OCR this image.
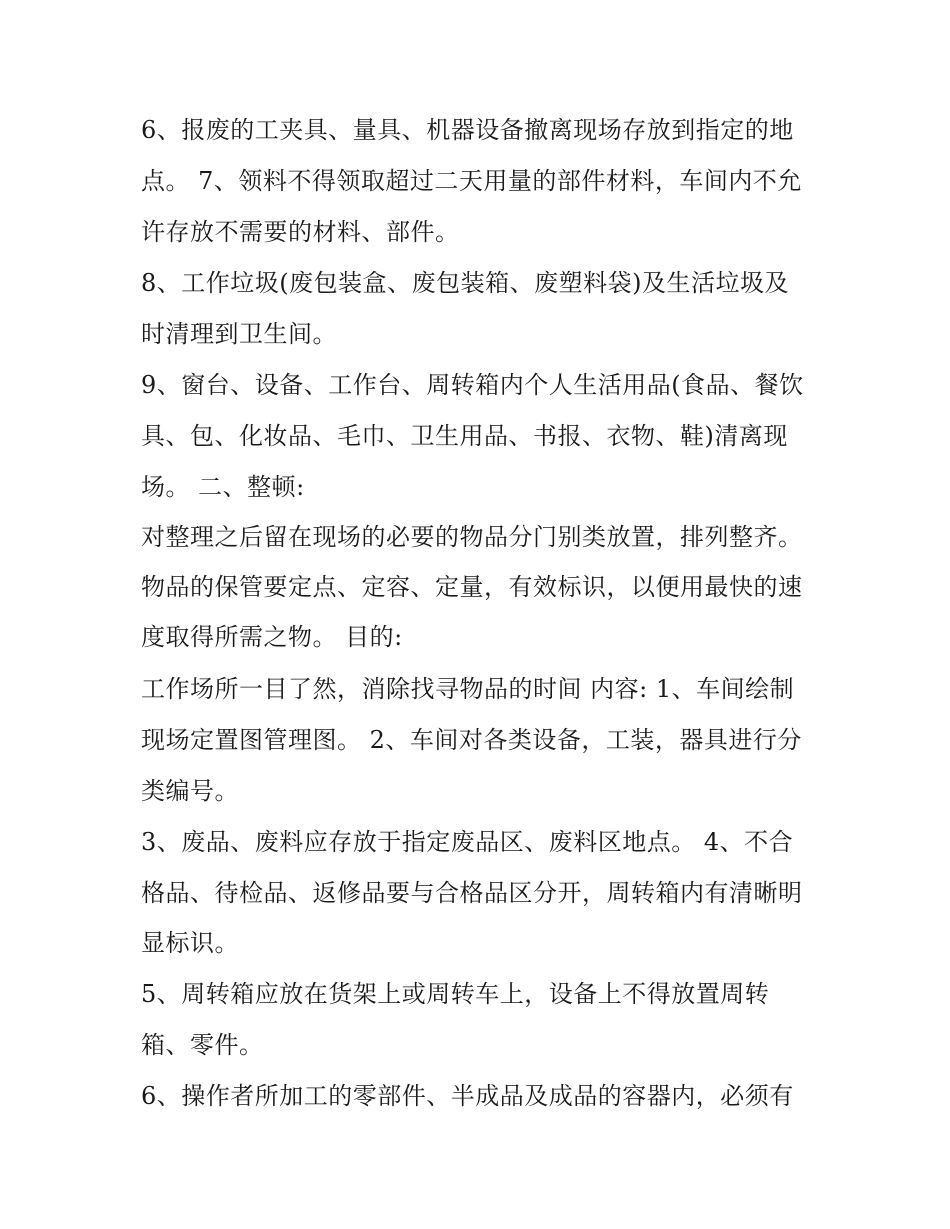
6、报废的工夹具、量具、机器设备撤离现场存放到指定的地
点。 7、领料不得领取超过二天用量的部件材料，车间内不允
许存放不需要的材料、部件。
8、工作垃圾(废包装盒、废包装箱、废塑料袋)及生活垃圾及
时清理到卫生间。
9、窗台、设备、工作台、周转箱内个人生活用品(食品、餐饮
具、包、化妆品、毛巾、卫生用品、书报、衣物、鞋)清离现
场。 二、整顿:
对整理之后留在现场的必要的物品分门别类放置，排列整齐。
物品的保管要定点、定容、定量，有效标识，以便用最快的速
度取得所需之物。 目的:
工作场所一目了然，消除找寻物品的时间 内容: 1、车间绘制
现场定置图管理图。 2、车间对各类设备，工装，器具进行分
类编号。
3、废品、废料应存放于指定废品区、废料区地点。 4、不合
格品、待检品、返修品要与合格品区分开，周转箱内有清晰明
显标识。
5、周转箱应放在货架上或周转车上，设备上不得放置周转
箱、零件。
6、操作者所加工的零部件、半成品及成品的容器内，必须有
